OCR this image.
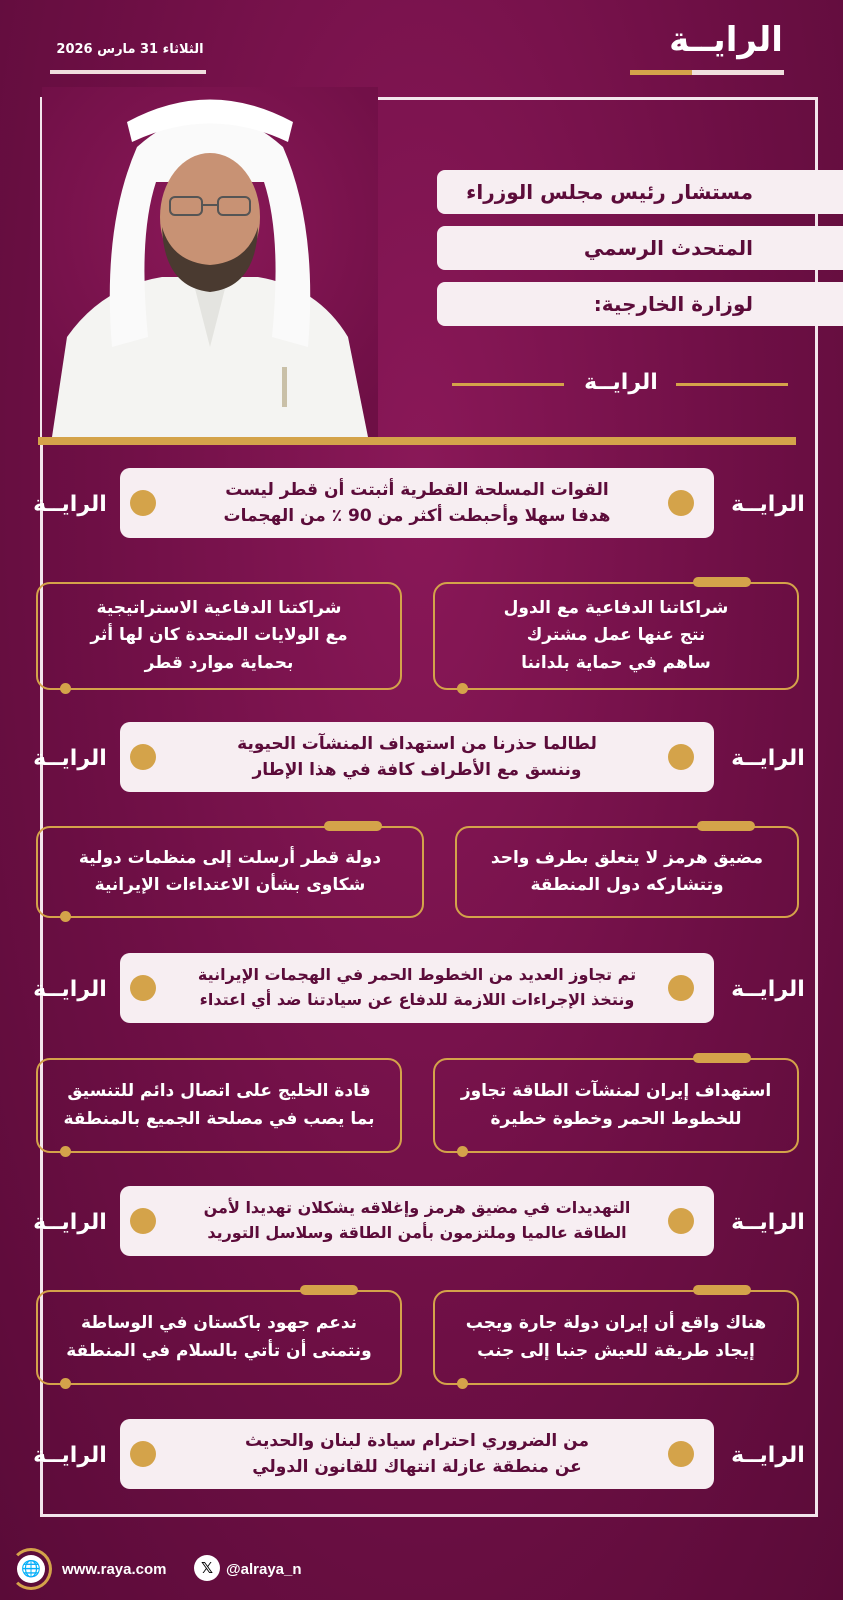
الرايــة
الثلاثاء 31 مارس 2026
مستشار رئيس مجلس الوزراء
المتحدث الرسمي
لوزارة الخارجية:
الرايــة
الرايــة
الرايــة
القوات المسلحة القطرية أثبتت أن قطر ليست
هدفا سهلا وأحبطت أكثر من 90 ٪ من الهجمات
شراكاتنا الدفاعية مع الدول
نتج عنها عمل مشترك
ساهم في حماية بلداننا
شراكتنا الدفاعية الاستراتيجية
مع الولايات المتحدة كان لها أثر
بحماية موارد قطر
الرايــة
الرايــة
لطالما حذرنا من استهداف المنشآت الحيوية
وننسق مع الأطراف كافة في هذا الإطار
مضيق هرمز لا يتعلق بطرف واحد
وتتشاركه دول المنطقة
دولة قطر أرسلت إلى منظمات دولية
شكاوى بشأن الاعتداءات الإيرانية
الرايــة
الرايــة
تم تجاوز العديد من الخطوط الحمر في الهجمات الإيرانية
ونتخذ الإجراءات اللازمة للدفاع عن سيادتنا ضد أي اعتداء
استهداف إيران لمنشآت الطاقة تجاوز
للخطوط الحمر وخطوة خطيرة
قادة الخليج على اتصال دائم للتنسيق
بما يصب في مصلحة الجميع بالمنطقة
الرايــة
الرايــة
التهديدات في مضيق هرمز وإغلاقه يشكلان تهديدا لأمن
الطاقة عالميا وملتزمون بأمن الطاقة وسلاسل التوريد
هناك واقع أن إيران دولة جارة ويجب
إيجاد طريقة للعيش جنبا إلى جنب
ندعم جهود باكستان في الوساطة
ونتمنى أن تأتي بالسلام في المنطقة
الرايــة
الرايــة
من الضروري احترام سيادة لبنان والحديث
عن منطقة عازلة انتهاك للقانون الدولي
🌐 www.raya.com	𝕏 @alraya_n
